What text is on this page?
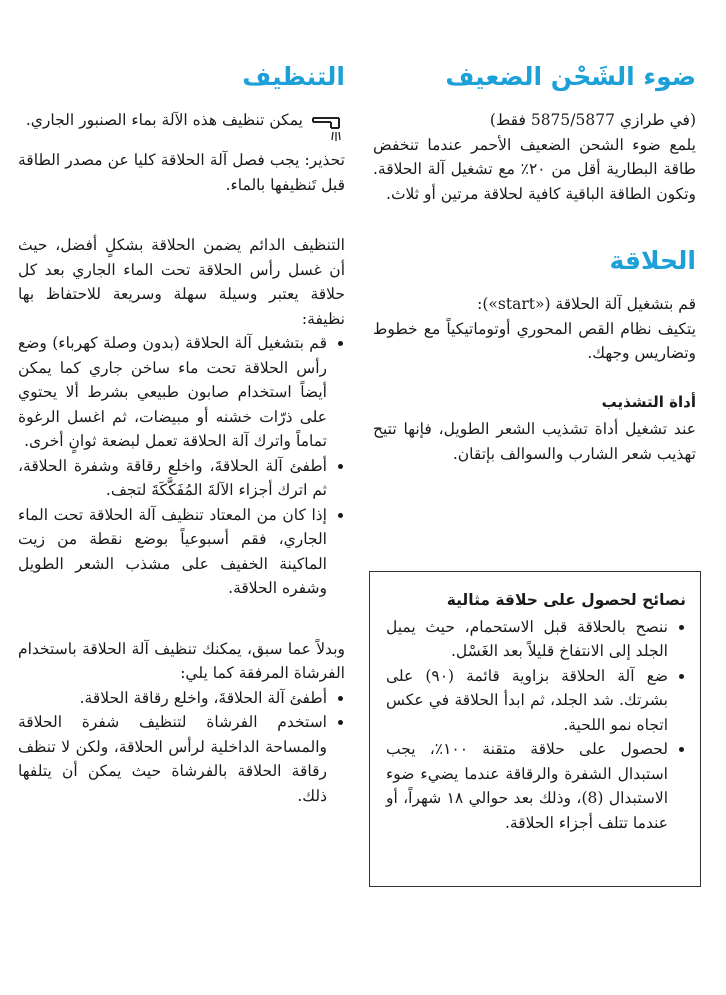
ضوء الشَحْن الضعيف

(في طرازي 5875/5877 فقط)

يلمع ضوء الشحن الضعيف الأحمر عندما تنخفض طاقة البطارية أقل من ٢٠٪ مع تشغيل آلة الحلاقة. وتكون الطاقة الباقية كافية لحلاقة مرتين أو ثلاث.

الحلاقة

قم بتشغيل آلة الحلاقة («start»):

يتكيف نظام القص المحوري أوتوماتيكياً مع خطوط وتضاريس وجهك.

أداة التشذيب

عند تشغيل أداة تشذيب الشعر الطويل، فإنها تتيح تهذيب شعر الشارب والسوالف بإتقان.

نصائح لحصول على حلاقة مثالية
• ننصح بالحلاقة قبل الاستحمام، حيث يميل الجلد إلى الانتفاخ قليلاً بعد الغَسْل.
• ضع آلة الحلاقة بزاوية قائمة (٩٠) على بشرتك. شد الجلد، ثم ابدأ الحلاقة في عكس اتجاه نمو اللحية.
• لحصول على حلاقة متقنة ١٠٠٪، يجب استبدال الشفرة والرقاقة عندما يضيء ضوء الاستبدال (8)، وذلك بعد حوالي ١٨ شهراً، أو عندما تتلف أجزاء الحلاقة.
التنظيف

يمكن تنظيف هذه الآلة بماء الصنبور الجاري.

تحذير: يجب فصل آلة الحلاقة كليا عن مصدر الطاقة قبل تَنظيفها بالماء.

التنظيف الدائم يضمن الحلاقة بشكلٍ أفضل، حيث أن غسل رأس الحلاقة تحت الماء الجاري بعد كل حلاقة يعتبر وسيلة سهلة وسريعة للاحتفاظ بها نظيفة:

• قم بتشغيل آلة الحلاقة (بدون وصلة كهرباء) وضع رأس الحلاقة تحت ماء ساخن جاري كما يمكن أيضاً استخدام صابون طبيعي بشرط ألا يحتوي على ذرّات خشنه أو مبيضات، ثم اغسل الرغوة تماماً واترك آلة الحلاقة تعمل لبضعة ثوانٍ أخرى.
• أطفئ آلة الحلاقةَ، واخلع رقاقة وشفرة الحلاقة، ثم اترك أجزاء الآلةَ المُفَكَّكَةَ لتجف.
• إذا كان من المعتاد تنظيف آلة الحلاقة تحت الماء الجاري، فقم أسبوعياً بوضع نقطة من زيت الماكينة الخفيف على مشذب الشعر الطويل وشفره الحلاقة.

وبدلاً عما سبق، يمكنك تنظيف آلة الحلاقة باستخدام الفرشاة المرفقة كما يلي:

• أطفئ آلة الحلاقةَ، واخلع رقاقة الحلاقة.
• استخدم الفرشاة لتنظيف شفرة الحلاقة والمساحة الداخلية لرأس الحلاقة، ولكن لا تنظف رقاقة الحلاقة بالفرشاة حيث يمكن أن يتلفها ذلك.
